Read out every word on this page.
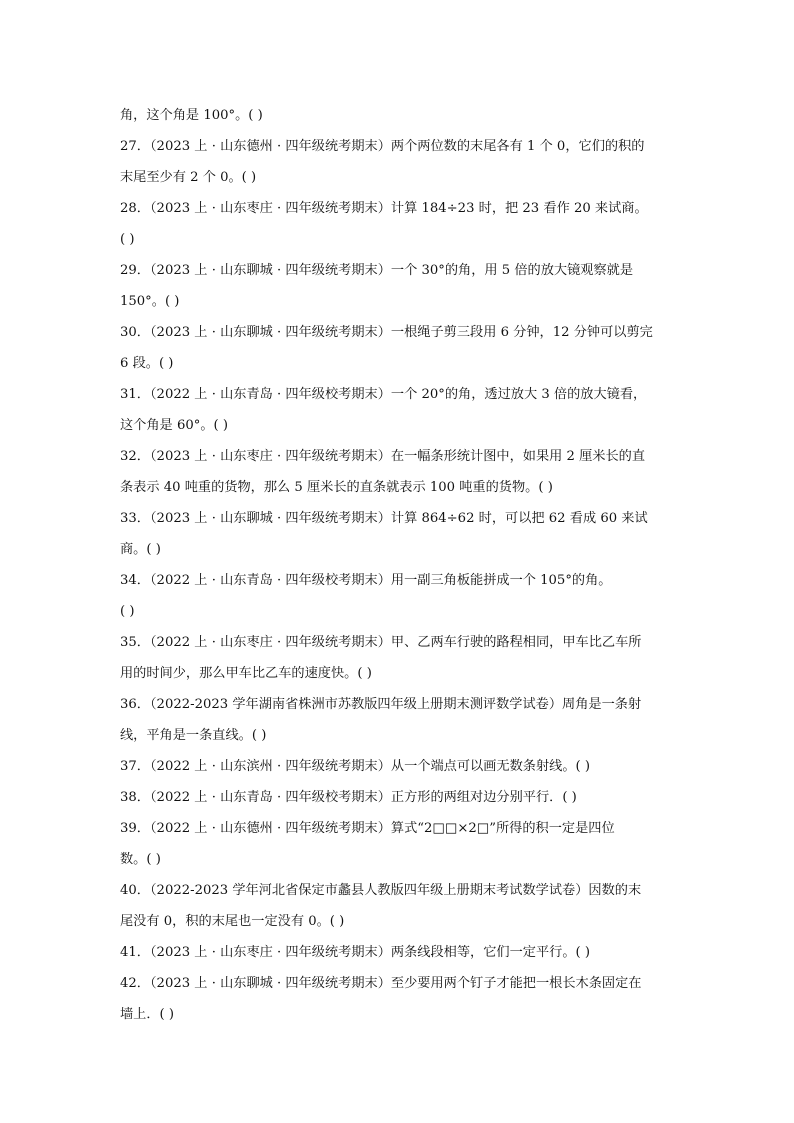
角，这个角是 100°。( )
27．（2023 上 · 山东德州 · 四年级统考期末）两个两位数的末尾各有 1 个 0，它们的积的
末尾至少有 2 个 0。( )
28．（2023 上 · 山东枣庄 · 四年级统考期末）计算 184÷23 时，把 23 看作 20 来试商。
( )
29．（2023 上 · 山东聊城 · 四年级统考期末）一个 30°的角，用 5 倍的放大镜观察就是
150°。( )
30．（2023 上 · 山东聊城 · 四年级统考期末）一根绳子剪三段用 6 分钟，12 分钟可以剪完
6 段。( )
31．（2022 上 · 山东青岛 · 四年级校考期末）一个 20°的角，透过放大 3 倍的放大镜看，
这个角是 60°。( )
32．（2023 上 · 山东枣庄 · 四年级统考期末）在一幅条形统计图中，如果用 2 厘米长的直
条表示 40 吨重的货物，那么 5 厘米长的直条就表示 100 吨重的货物。( )
33．（2023 上 · 山东聊城 · 四年级统考期末）计算 864÷62 时，可以把 62 看成 60 来试
商。( )
34．（2022 上 · 山东青岛 · 四年级校考期末）用一副三角板能拼成一个 105°的角。
( )
35．（2022 上 · 山东枣庄 · 四年级统考期末）甲、乙两车行驶的路程相同，甲车比乙车所
用的时间少，那么甲车比乙车的速度快。( )
36．（2022-2023 学年湖南省株洲市苏教版四年级上册期末测评数学试卷）周角是一条射
线，平角是一条直线。( )
37．（2022 上 · 山东滨州 · 四年级统考期末）从一个端点可以画无数条射线。( )
38．（2022 上 · 山东青岛 · 四年级校考期末）正方形的两组对边分别平行．( )
39．（2022 上 · 山东德州 · 四年级统考期末）算式“2□□×2□”所得的积一定是四位
数。( )
40．（2022-2023 学年河北省保定市蠡县人教版四年级上册期末考试数学试卷）因数的末
尾没有 0，积的末尾也一定没有 0。( )
41．（2023 上 · 山东枣庄 · 四年级统考期末）两条线段相等，它们一定平行。( )
42．（2023 上 · 山东聊城 · 四年级统考期末）至少要用两个钉子才能把一根长木条固定在
墙上．( )
